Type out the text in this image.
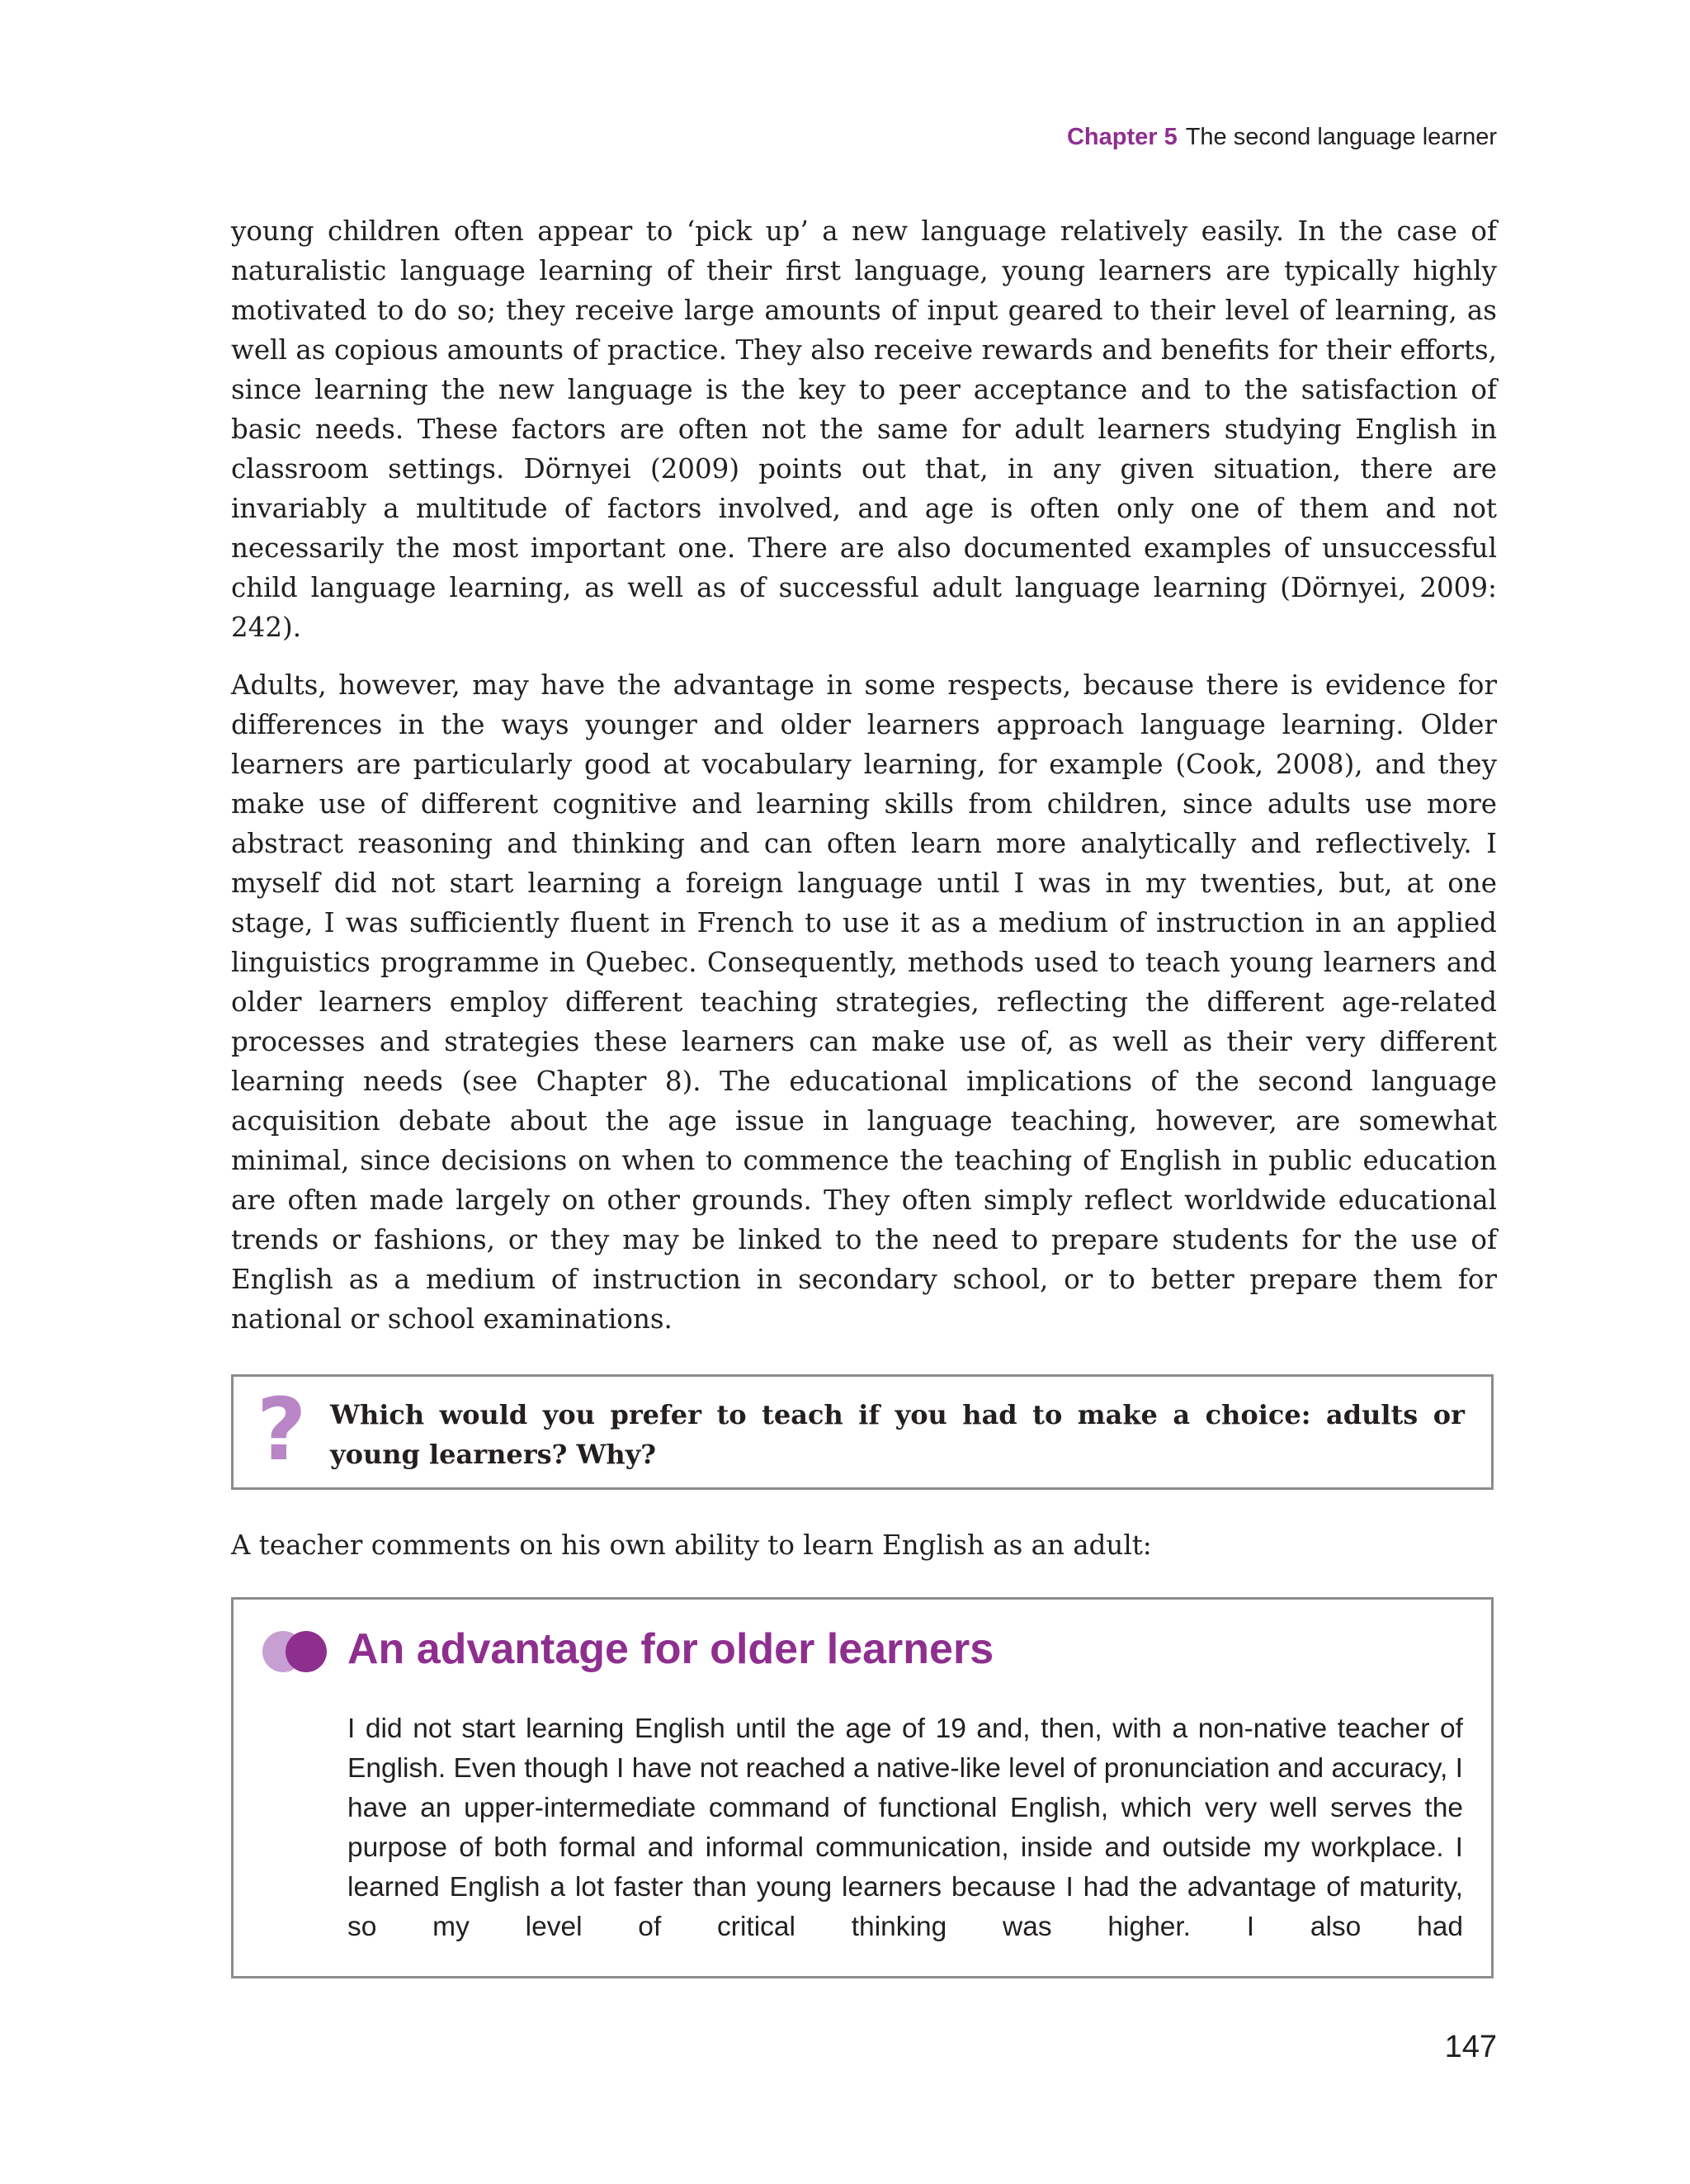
Chapter 5 The second language learner

young children often appear to ‘pick up’ a new language relatively easily. In the case of naturalistic language learning of their first language, young learners are typically highly motivated to do so; they receive large amounts of input geared to their level of learning, as well as copious amounts of practice. They also receive rewards and benefits for their efforts, since learning the new language is the key to peer acceptance and to the satisfaction of basic needs. These factors are often not the same for adult learners studying English in classroom settings. Dörnyei (2009) points out that, in any given situation, there are invariably a multitude of factors involved, and age is often only one of them and not necessarily the most important one. There are also documented examples of unsuccessful child language learning, as well as of successful adult language learning (Dörnyei, 2009: 242).

Adults, however, may have the advantage in some respects, because there is evidence for differences in the ways younger and older learners approach language learning. Older learners are particularly good at vocabulary learning, for example (Cook, 2008), and they make use of different cognitive and learning skills from children, since adults use more abstract reasoning and thinking and can often learn more analytically and reflectively. I myself did not start learning a foreign language until I was in my twenties, but, at one stage, I was sufficiently fluent in French to use it as a medium of instruction in an applied linguistics programme in Quebec. Consequently, methods used to teach young learners and older learners employ different teaching strategies, reflecting the different age-related processes and strategies these learners can make use of, as well as their very different learning needs (see Chapter 8). The educational implications of the second language acquisition debate about the age issue in language teaching, however, are somewhat minimal, since decisions on when to commence the teaching of English in public education are often made largely on other grounds. They often simply reflect worldwide educational trends or fashions, or they may be linked to the need to prepare students for the use of English as a medium of instruction in secondary school, or to better prepare them for national or school examinations.

? Which would you prefer to teach if you had to make a choice: adults or young learners? Why?

A teacher comments on his own ability to learn English as an adult:

An advantage for older learners

I did not start learning English until the age of 19 and, then, with a non-native teacher of English. Even though I have not reached a native-like level of pronunciation and accuracy, I have an upper-intermediate command of functional English, which very well serves the purpose of both formal and informal communication, inside and outside my workplace. I learned English a lot faster than young learners because I had the advantage of maturity, so my level of critical thinking was higher. I also had

147
